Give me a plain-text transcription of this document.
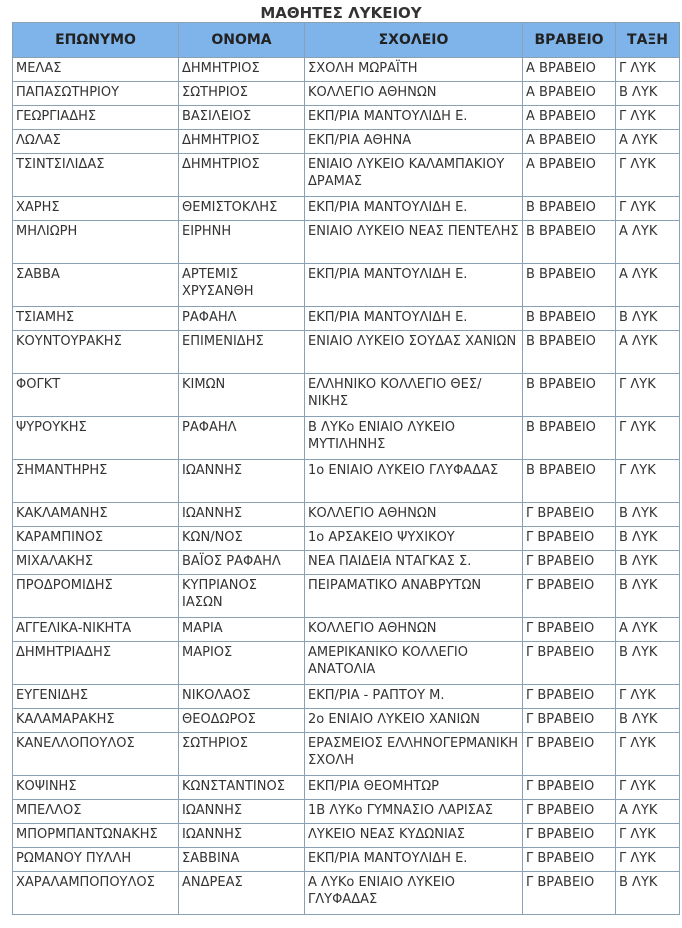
ΜΑΘΗΤΕΣ ΛΥΚΕΙΟΥ
ΕΠΩΝΥΜΟ	ΟΝΟΜΑ	ΣΧΟΛΕΙΟ	ΒΡΑΒΕΙΟ	ΤΑΞΗ
ΜΕΛΑΣ	ΔΗΜΗΤΡΙΟΣ	ΣΧΟΛΗ ΜΩΡΑΪΤΗ	Α ΒΡΑΒΕΙΟ	Γ ΛΥΚ
ΠΑΠΑΣΩΤΗΡΙΟΥ	ΣΩΤΗΡΙΟΣ	ΚΟΛΛΕΓΙΟ ΑΘΗΝΩΝ	Α ΒΡΑΒΕΙΟ	Β ΛΥΚ
ΓΕΩΡΓΙΑΔΗΣ	ΒΑΣΙΛΕΙΟΣ	ΕΚΠ/ΡΙΑ ΜΑΝΤΟΥΛΙΔΗ Ε.	Α ΒΡΑΒΕΙΟ	Γ ΛΥΚ
ΛΩΛΑΣ	ΔΗΜΗΤΡΙΟΣ	ΕΚΠ/ΡΙΑ ΑΘΗΝΑ	Α ΒΡΑΒΕΙΟ	Α ΛΥΚ
ΤΣΙΝΤΣΙΛΙΔΑΣ	ΔΗΜΗΤΡΙΟΣ	ΕΝΙΑΙΟ ΛΥΚΕΙΟ ΚΑΛΑΜΠΑΚΙΟΥ ΔΡΑΜΑΣ	Α ΒΡΑΒΕΙΟ	Γ ΛΥΚ
ΧΑΡΗΣ	ΘΕΜΙΣΤΟΚΛΗΣ	ΕΚΠ/ΡΙΑ ΜΑΝΤΟΥΛΙΔΗ Ε.	Β ΒΡΑΒΕΙΟ	Γ ΛΥΚ
ΜΗΛΙΩΡΗ	ΕΙΡΗΝΗ	ΕΝΙΑΙΟ ΛΥΚΕΙΟ ΝΕΑΣ ΠΕΝΤΕΛΗΣ	Β ΒΡΑΒΕΙΟ	Α ΛΥΚ
ΣΑΒΒΑ	ΑΡΤΕΜΙΣ ΧΡΥΣΑΝΘΗ	ΕΚΠ/ΡΙΑ ΜΑΝΤΟΥΛΙΔΗ Ε.	Β ΒΡΑΒΕΙΟ	Α ΛΥΚ
ΤΣΙΑΜΗΣ	ΡΑΦΑΗΛ	ΕΚΠ/ΡΙΑ ΜΑΝΤΟΥΛΙΔΗ Ε.	Β ΒΡΑΒΕΙΟ	Β ΛΥΚ
ΚΟΥΝΤΟΥΡΑΚΗΣ	ΕΠΙΜΕΝΙΔΗΣ	ΕΝΙΑΙΟ ΛΥΚΕΙΟ ΣΟΥΔΑΣ ΧΑΝΙΩΝ	Β ΒΡΑΒΕΙΟ	Α ΛΥΚ
ΦΟΓΚΤ	ΚΙΜΩΝ	ΕΛΛΗΝΙΚΟ ΚΟΛΛΕΓΙΟ ΘΕΣ/ ΝΙΚΗΣ	Β ΒΡΑΒΕΙΟ	Γ ΛΥΚ
ΨΥΡΟΥΚΗΣ	ΡΑΦΑΗΛ	Β ΛΥΚο ΕΝΙΑΙΟ ΛΥΚΕΙΟ ΜΥΤΙΛΗΝΗΣ	Β ΒΡΑΒΕΙΟ	Γ ΛΥΚ
ΣΗΜΑΝΤΗΡΗΣ	ΙΩΑΝΝΗΣ	1ο ΕΝΙΑΙΟ ΛΥΚΕΙΟ ΓΛΥΦΑΔΑΣ	Β ΒΡΑΒΕΙΟ	Γ ΛΥΚ
ΚΑΚΛΑΜΑΝΗΣ	ΙΩΑΝΝΗΣ	ΚΟΛΛΕΓΙΟ ΑΘΗΝΩΝ	Γ ΒΡΑΒΕΙΟ	Β ΛΥΚ
ΚΑΡΑΜΠΙΝΟΣ	ΚΩΝ/ΝΟΣ	1ο ΑΡΣΑΚΕΙΟ ΨΥΧΙΚΟΥ	Γ ΒΡΑΒΕΙΟ	Β ΛΥΚ
ΜΙΧΑΛΑΚΗΣ	ΒΑΪΟΣ ΡΑΦΑΗΛ	ΝΕΑ ΠΑΙΔΕΙΑ ΝΤΑΓΚΑΣ Σ.	Γ ΒΡΑΒΕΙΟ	Β ΛΥΚ
ΠΡΟΔΡΟΜΙΔΗΣ	ΚΥΠΡΙΑΝΟΣ ΙΑΣΩΝ	ΠΕΙΡΑΜΑΤΙΚΟ ΑΝΑΒΡΥΤΩΝ	Γ ΒΡΑΒΕΙΟ	Β ΛΥΚ
ΑΓΓΕΛΙΚΑ-ΝΙΚΗΤΑ	ΜΑΡΙΑ	ΚΟΛΛΕΓΙΟ ΑΘΗΝΩΝ	Γ ΒΡΑΒΕΙΟ	Α ΛΥΚ
ΔΗΜΗΤΡΙΑΔΗΣ	ΜΑΡΙΟΣ	ΑΜΕΡΙΚΑΝΙΚΟ ΚΟΛΛΕΓΙΟ ΑΝΑΤΟΛΙΑ	Γ ΒΡΑΒΕΙΟ	Β ΛΥΚ
ΕΥΓΕΝΙΔΗΣ	ΝΙΚΟΛΑΟΣ	ΕΚΠ/ΡΙΑ - ΡΑΠΤΟΥ Μ.	Γ ΒΡΑΒΕΙΟ	Γ ΛΥΚ
ΚΑΛΑΜΑΡΑΚΗΣ	ΘΕΟΔΩΡΟΣ	2ο ΕΝΙΑΙΟ ΛΥΚΕΙΟ ΧΑΝΙΩΝ	Γ ΒΡΑΒΕΙΟ	Β ΛΥΚ
ΚΑΝΕΛΛΟΠΟΥΛΟΣ	ΣΩΤΗΡΙΟΣ	ΕΡΑΣΜΕΙΟΣ ΕΛΛΗΝΟΓΕΡΜΑΝΙΚΗ ΣΧΟΛΗ	Γ ΒΡΑΒΕΙΟ	Γ ΛΥΚ
ΚΟΨΙΝΗΣ	ΚΩΝΣΤΑΝΤΙΝΟΣ	ΕΚΠ/ΡΙΑ ΘΕΟΜΗΤΩΡ	Γ ΒΡΑΒΕΙΟ	Γ ΛΥΚ
ΜΠΕΛΛΟΣ	ΙΩΑΝΝΗΣ	1Β ΛΥΚο ΓΥΜΝΑΣΙΟ ΛΑΡΙΣΑΣ	Γ ΒΡΑΒΕΙΟ	Α ΛΥΚ
ΜΠΟΡΜΠΑΝΤΩΝΑΚΗΣ	ΙΩΑΝΝΗΣ	ΛΥΚΕΙΟ ΝΕΑΣ ΚΥΔΩΝΙΑΣ	Γ ΒΡΑΒΕΙΟ	Γ ΛΥΚ
ΡΩΜΑΝΟΥ ΠΥΛΛΗ	ΣΑΒΒΙΝΑ	ΕΚΠ/ΡΙΑ ΜΑΝΤΟΥΛΙΔΗ Ε.	Γ ΒΡΑΒΕΙΟ	Γ ΛΥΚ
ΧΑΡΑΛΑΜΠΟΠΟΥΛΟΣ	ΑΝΔΡΕΑΣ	Α ΛΥΚο ΕΝΙΑΙΟ ΛΥΚΕΙΟ ΓΛΥΦΑΔΑΣ	Γ ΒΡΑΒΕΙΟ	Β ΛΥΚ
